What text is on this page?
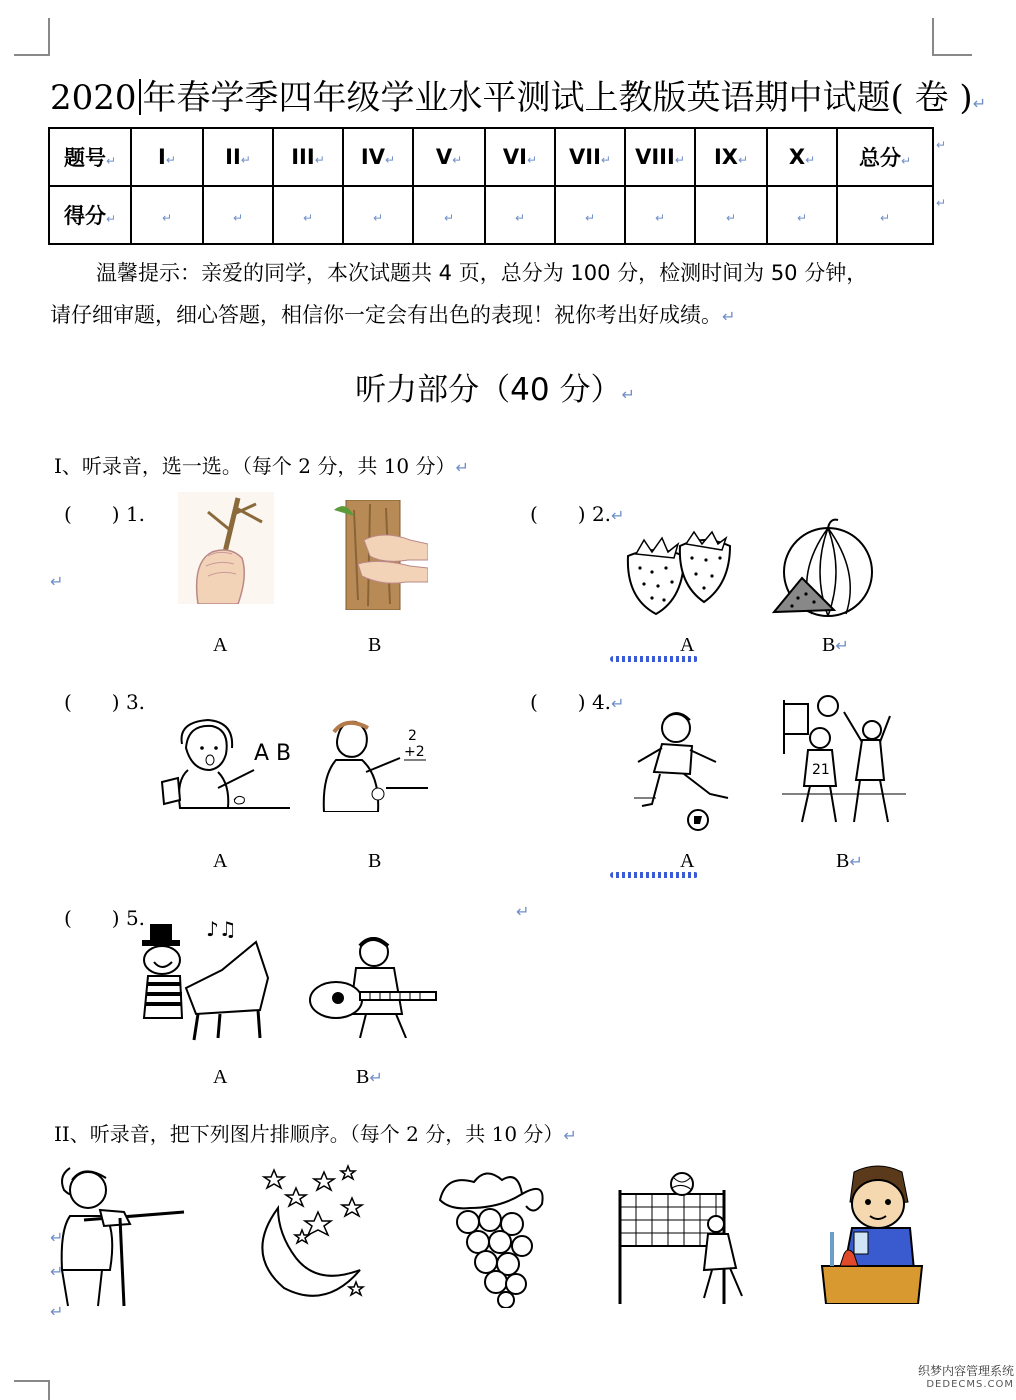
2020 年春学季四年级学业水平测试上教版英语期中试题( 卷 )↵
题号↵	I↵	II↵	III↵	IV↵	V↵	VI↵	VII↵	VIII↵	IX↵	X↵	总分↵
得分↵	↵	↵	↵	↵	↵	↵	↵	↵	↵	↵	↵
↵
↵

温馨提示：亲爱的同学，本次试题共 4 页，总分为 100 分，检测时间为 50 分钟，

请仔细审题，细心答题，相信你一定会有出色的表现！祝你考出好成绩。↵

听力部分（40 分）↵
Ⅰ、听录音，选一选。（每个 2 分，共 10 分）↵
(　　) 1.
↵
A	B
(　　) 2.↵
A	B↵
(　　) 3.
A B
2
+2
A	B
(　　) 4.↵
21
A	B↵
(　　) 5.	↵
♪♫
A	B↵
II、听录音，把下列图片排顺序。（每个 2 分，共 10 分）↵
↵
↵
↵
织梦内容管理系统
DEDECMS.COM
